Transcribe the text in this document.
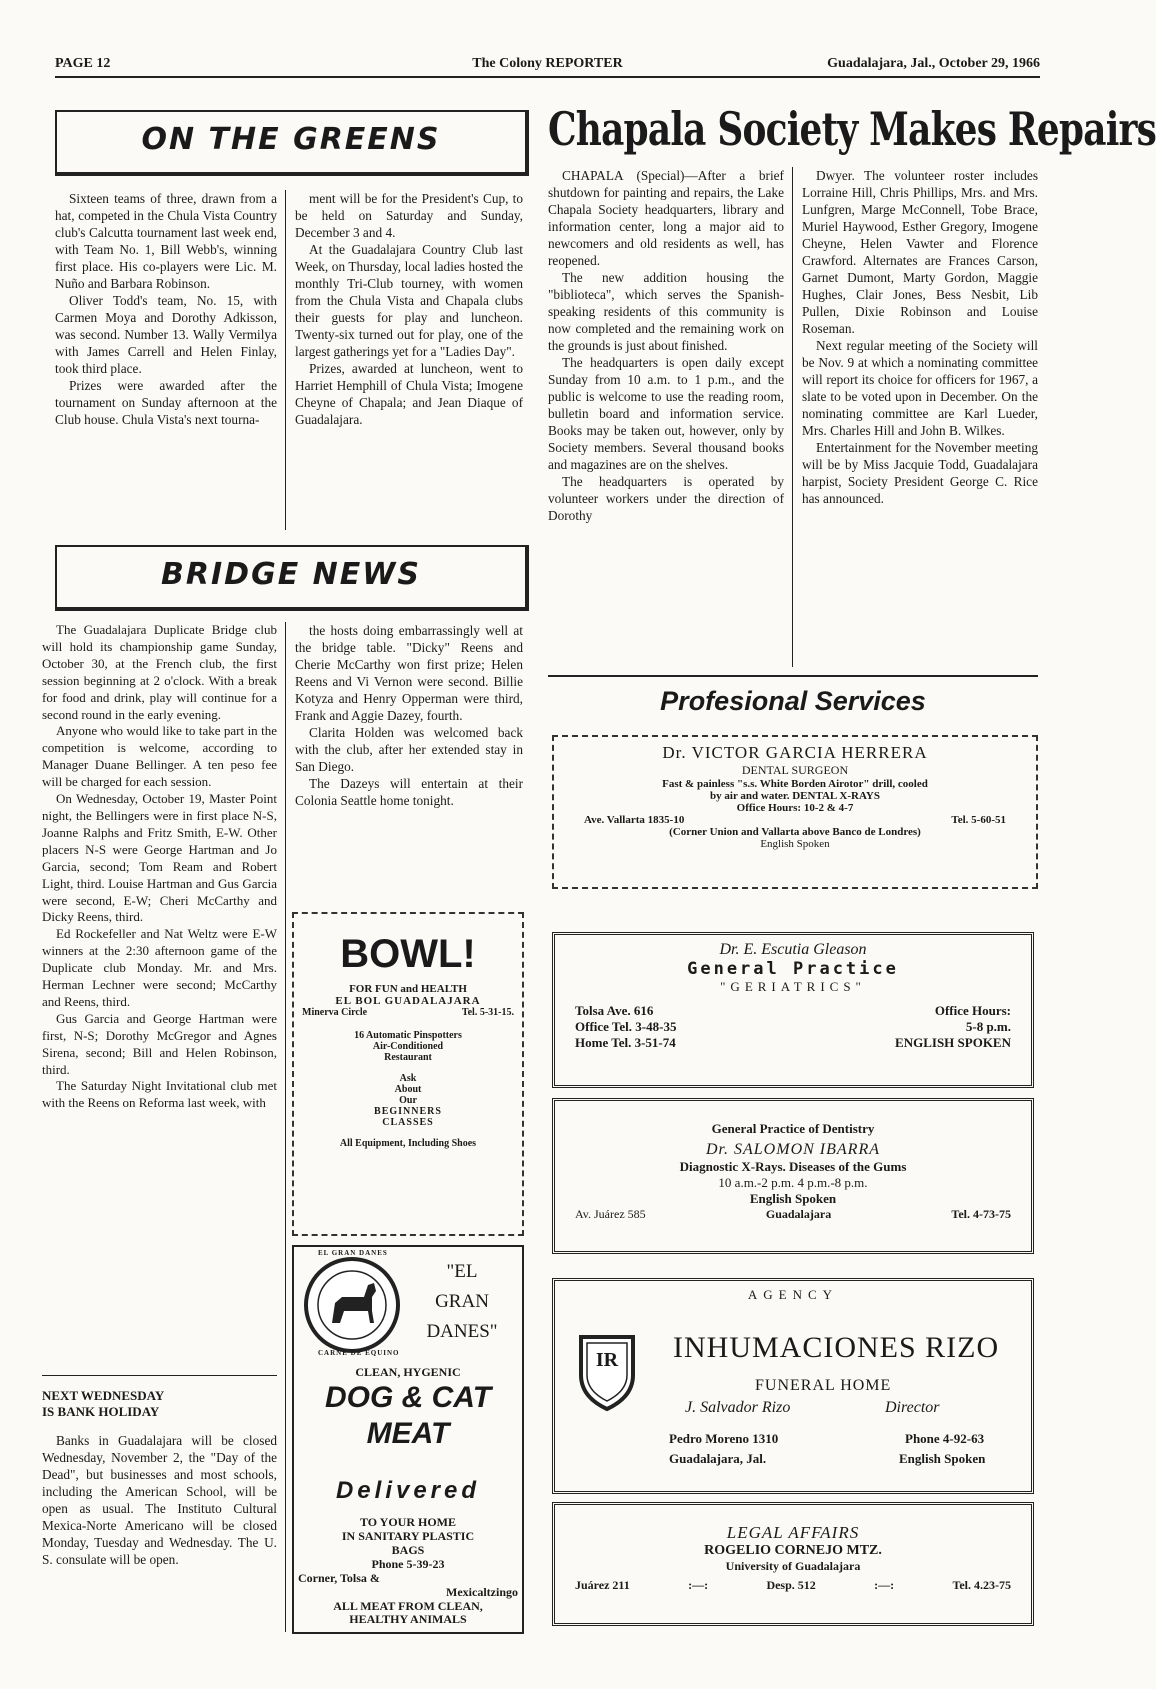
PAGE 12	The Colony REPORTER	Guadalajara, Jal., October 29, 1966
ON THE GREENS

Sixteen teams of three, drawn from a hat, competed in the Chula Vista Country club's Calcutta tournament last week end, with Team No. 1, Bill Webb's, winning first place. His co-players were Lic. M. Nuño and Barbara Robinson.

Oliver Todd's team, No. 15, with Carmen Moya and Dorothy Adkisson, was second. Number 13. Wally Vermilya with James Carrell and Helen Finlay, took third place.

Prizes were awarded after the tournament on Sunday afternoon at the Club house. Chula Vista's next tourna-

ment will be for the President's Cup, to be held on Saturday and Sunday, December 3 and 4.

At the Guadalajara Country Club last Week, on Thursday, local ladies hosted the monthly Tri-Club tourney, with women from the Chula Vista and Chapala clubs their guests for play and luncheon. Twenty-six turned out for play, one of the largest gatherings yet for a "Ladies Day".

Prizes, awarded at luncheon, went to Harriet Hemphill of Chula Vista; Imogene Cheyne of Chapala; and Jean Diaque of Guadalajara.

BRIDGE NEWS

The Guadalajara Duplicate Bridge club will hold its championship game Sunday, October 30, at the French club, the first session beginning at 2 o'clock. With a break for food and drink, play will continue for a second round in the early evening.

Anyone who would like to take part in the competition is welcome, according to Manager Duane Bellinger. A ten peso fee will be charged for each session.

On Wednesday, October 19, Master Point night, the Bellingers were in first place N-S, Joanne Ralphs and Fritz Smith, E-W. Other placers N-S were George Hartman and Jo Garcia, second; Tom Ream and Robert Light, third. Louise Hartman and Gus Garcia were second, E-W; Cheri McCarthy and Dicky Reens, third.

Ed Rockefeller and Nat Weltz were E-W winners at the 2:30 afternoon game of the Duplicate club Monday. Mr. and Mrs. Herman Lechner were second; McCarthy and Reens, third.

Gus Garcia and George Hartman were first, N-S; Dorothy McGregor and Agnes Sirena, second; Bill and Helen Robinson, third.

The Saturday Night Invitational club met with the Reens on Reforma last week, with

the hosts doing embarrassingly well at the bridge table. "Dicky" Reens and Cherie McCarthy won first prize; Helen Reens and Vi Vernon were second. Billie Kotyza and Henry Opperman were third, Frank and Aggie Dazey, fourth.

Clarita Holden was welcomed back with the club, after her extended stay in San Diego.

The Dazeys will entertain at their Colonia Seattle home tonight.

NEXT WEDNESDAY
IS BANK HOLIDAY

Banks in Guadalajara will be closed Wednesday, November 2, the "Day of the Dead", but businesses and most schools, including the American School, will be open as usual. The Instituto Cultural Mexica-Norte Americano will be closed Monday, Tuesday and Wednesday. The U. S. consulate will be open.

BOWL!
FOR FUN and HEALTH
EL BOL GUADALAJARA
Minerva Circle	Tel. 5-31-15.
16 Automatic Pinspotters
Air-Conditioned
Restaurant
Ask
About
Our
BEGINNERS
CLASSES
All Equipment, Including Shoes
EL GRAN DANES
CARNE DE EQUINO
"EL
GRAN
DANES"
CLEAN, HYGENIC
DOG & CAT
MEAT
Delivered
TO YOUR HOME
IN SANITARY PLASTIC
BAGS
Phone 5-39-23
Corner, Tolsa &
Mexicaltzingo
ALL MEAT FROM CLEAN,
HEALTHY ANIMALS
Chapala Society Makes Repairs

CHAPALA (Special)—After a brief shutdown for painting and repairs, the Lake Chapala Society headquarters, library and information center, long a major aid to newcomers and old residents as well, has reopened.

The new addition housing the "biblioteca", which serves the Spanish-speaking residents of this community is now completed and the remaining work on the grounds is just about finished.

The headquarters is open daily except Sunday from 10 a.m. to 1 p.m., and the public is welcome to use the reading room, bulletin board and information service. Books may be taken out, however, only by Society members. Several thousand books and magazines are on the shelves.

The headquarters is operated by volunteer workers under the direction of Dorothy

Dwyer. The volunteer roster includes Lorraine Hill, Chris Phillips, Mrs. and Mrs. Lunfgren, Marge McConnell, Tobe Brace, Muriel Haywood, Esther Gregory, Imogene Cheyne, Helen Vawter and Florence Crawford. Alternates are Frances Carson, Garnet Dumont, Marty Gordon, Maggie Hughes, Clair Jones, Bess Nesbit, Lib Pullen, Dixie Robinson and Louise Roseman.

Next regular meeting of the Society will be Nov. 9 at which a nominating committee will report its choice for officers for 1967, a slate to be voted upon in December. On the nominating committee are Karl Lueder, Mrs. Charles Hill and John B. Wilkes.

Entertainment for the November meeting will be by Miss Jacquie Todd, Guadalajara harpist, Society President George C. Rice has announced.

Profesional Services
Dr. VICTOR GARCIA HERRERA
DENTAL SURGEON
Fast & painless "s.s. White Borden Airotor" drill, cooled
by air and water. DENTAL X-RAYS
Office Hours: 10-2 & 4-7
Ave. Vallarta 1835-10	Tel. 5-60-51
(Corner Union and Vallarta above Banco de Londres)
English Spoken
Dr. E. Escutia Gleason
General Practice
"GERIATRICS"
Tolsa Ave. 616	Office Hours:
Office Tel. 3-48-35	5-8 p.m.
Home Tel. 3-51-74	ENGLISH SPOKEN
General Practice of Dentistry
Dr. SALOMON IBARRA
Diagnostic X-Rays. Diseases of the Gums
10 a.m.-2 p.m. 4 p.m.-8 p.m.
English Spoken
Av. Juárez 585	Guadalajara	Tel. 4-73-75
AGENCY
IR	INHUMACIONES RIZO
FUNERAL HOME
J. Salvador Rizo	Director
Pedro Moreno 1310	Phone 4-92-63
Guadalajara, Jal.	English Spoken
LEGAL AFFAIRS
ROGELIO CORNEJO MTZ.
University of Guadalajara
Juárez 211	:—:	Desp. 512	:—:	Tel. 4.23-75
